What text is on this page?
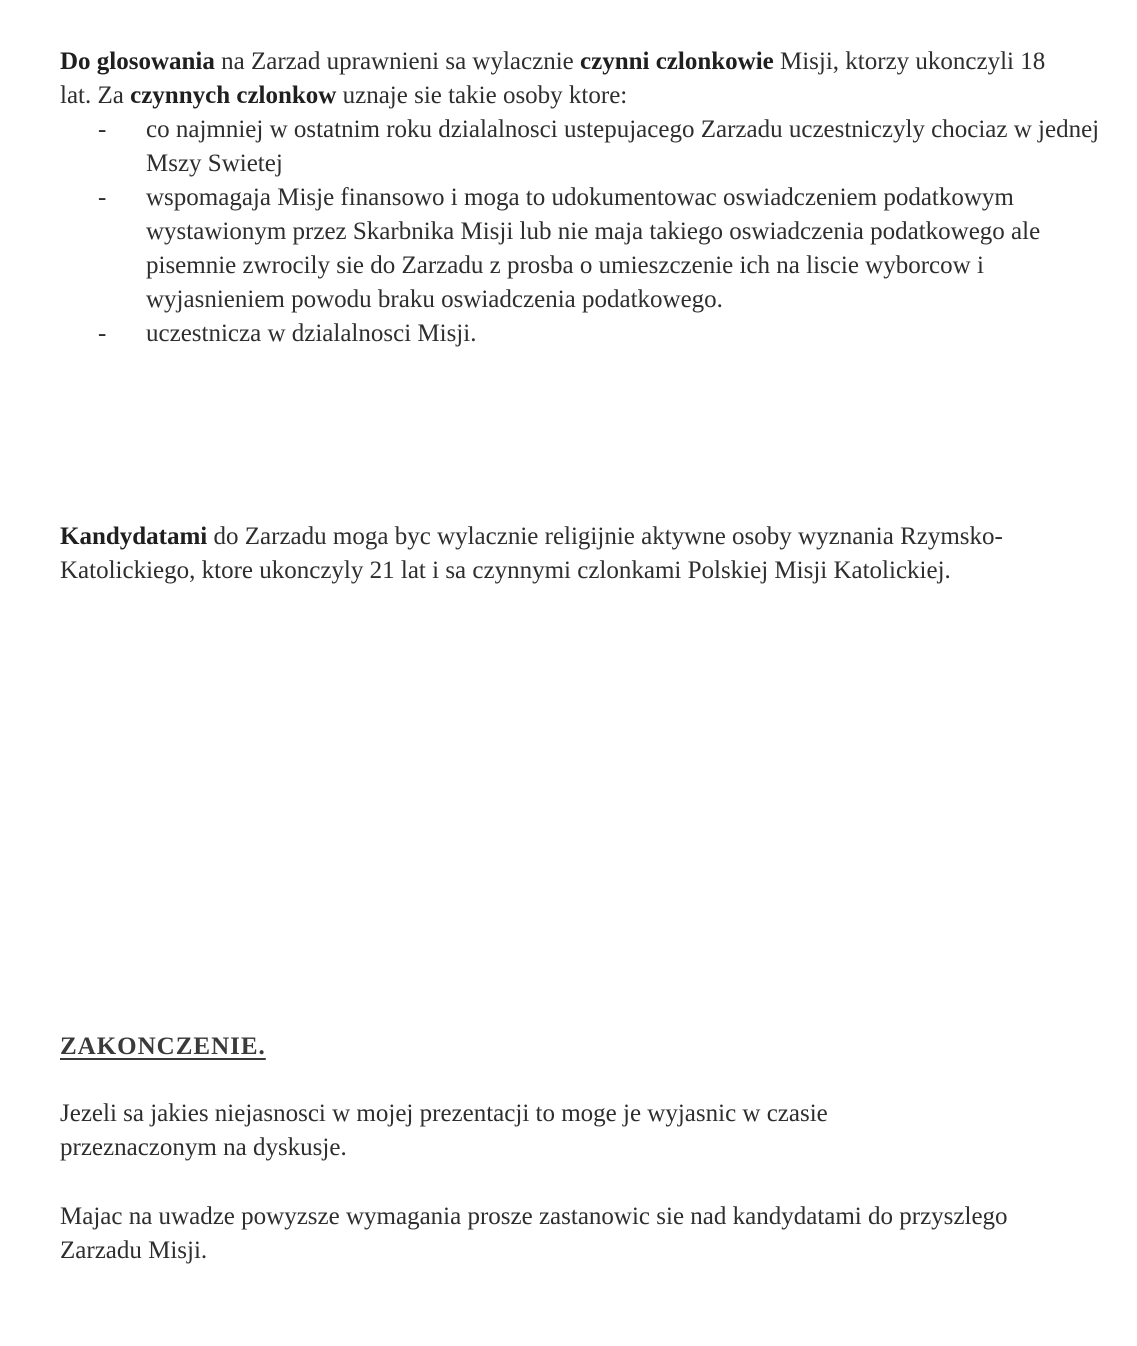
Do glosowania na Zarzad uprawnieni sa wylacznie czynni czlonkowie Misji, ktorzy ukonczyli 18 lat. Za czynnych czlonkow uznaje sie takie osoby ktore:

- co najmniej w ostatnim roku dzialalnosci ustepujacego Zarzadu uczestniczyly chociaz w jednej Mszy Swietej
- wspomagaja Misje finansowo i moga to udokumentowac oswiadczeniem podatkowym wystawionym przez Skarbnika Misji lub nie maja takiego oswiadczenia podatkowego ale pisemnie zwrocily sie do Zarzadu z prosba o umieszczenie ich na liscie wyborcow i wyjasnieniem powodu braku oswiadczenia podatkowego.
- uczestnicza w dzialalnosci Misji.

Kandydatami do Zarzadu moga byc wylacznie religijnie aktywne osoby wyznania Rzymsko-Katolickiego, ktore ukonczyly 21 lat i sa czynnymi czlonkami Polskiej Misji Katolickiej.

ZAKONCZENIE.

Jezeli sa jakies niejasnosci w mojej prezentacji to moge je wyjasnic w czasie przeznaczonym na dyskusje.

Majac na uwadze powyzsze wymagania prosze zastanowic sie nad kandydatami do przyszlego Zarzadu Misji.
